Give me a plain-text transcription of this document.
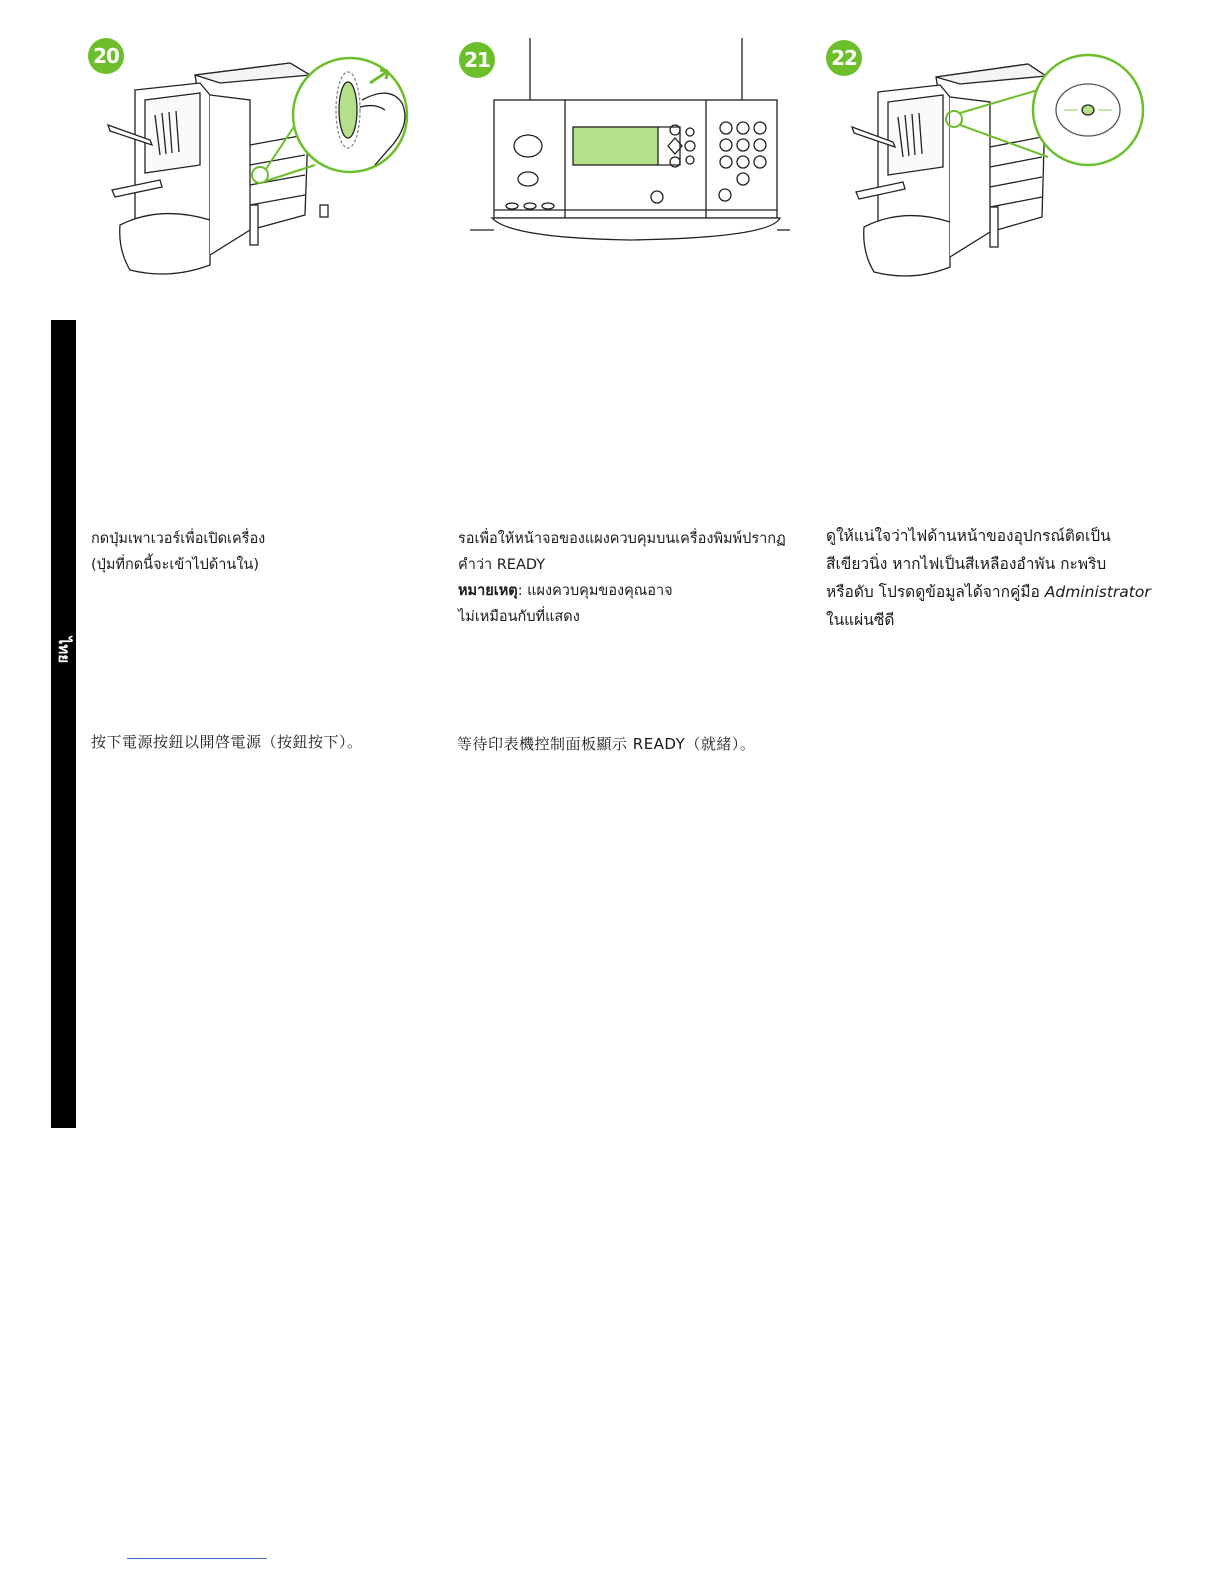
20	21	22
ไทย

กดปุ่มเพาเวอร์เพื่อเปิดเครื่อง

(ปุ่มที่กดนี้จะเข้าไปด้านใน)

รอเพื่อให้หน้าจอของแผงควบคุมบนเครื่องพิมพ์ปรากฏ

คำว่า READY

หมายเหตุ: แผงควบคุมของคุณอาจ

ไม่เหมือนกับที่แสดง

ดูให้แน่ใจว่าไฟด้านหน้าของอุปกรณ์ติดเป็น

สีเขียวนิ่ง หากไฟเป็นสีเหลืองอำพัน กะพริบ

หรือดับ โปรดดูข้อมูลได้จากคู่มือ Administrator

ในแผ่นซีดี

按下電源按鈕以開啓電源（按鈕按下）。	等待印表機控制面板顯示 READY（就緒）。
